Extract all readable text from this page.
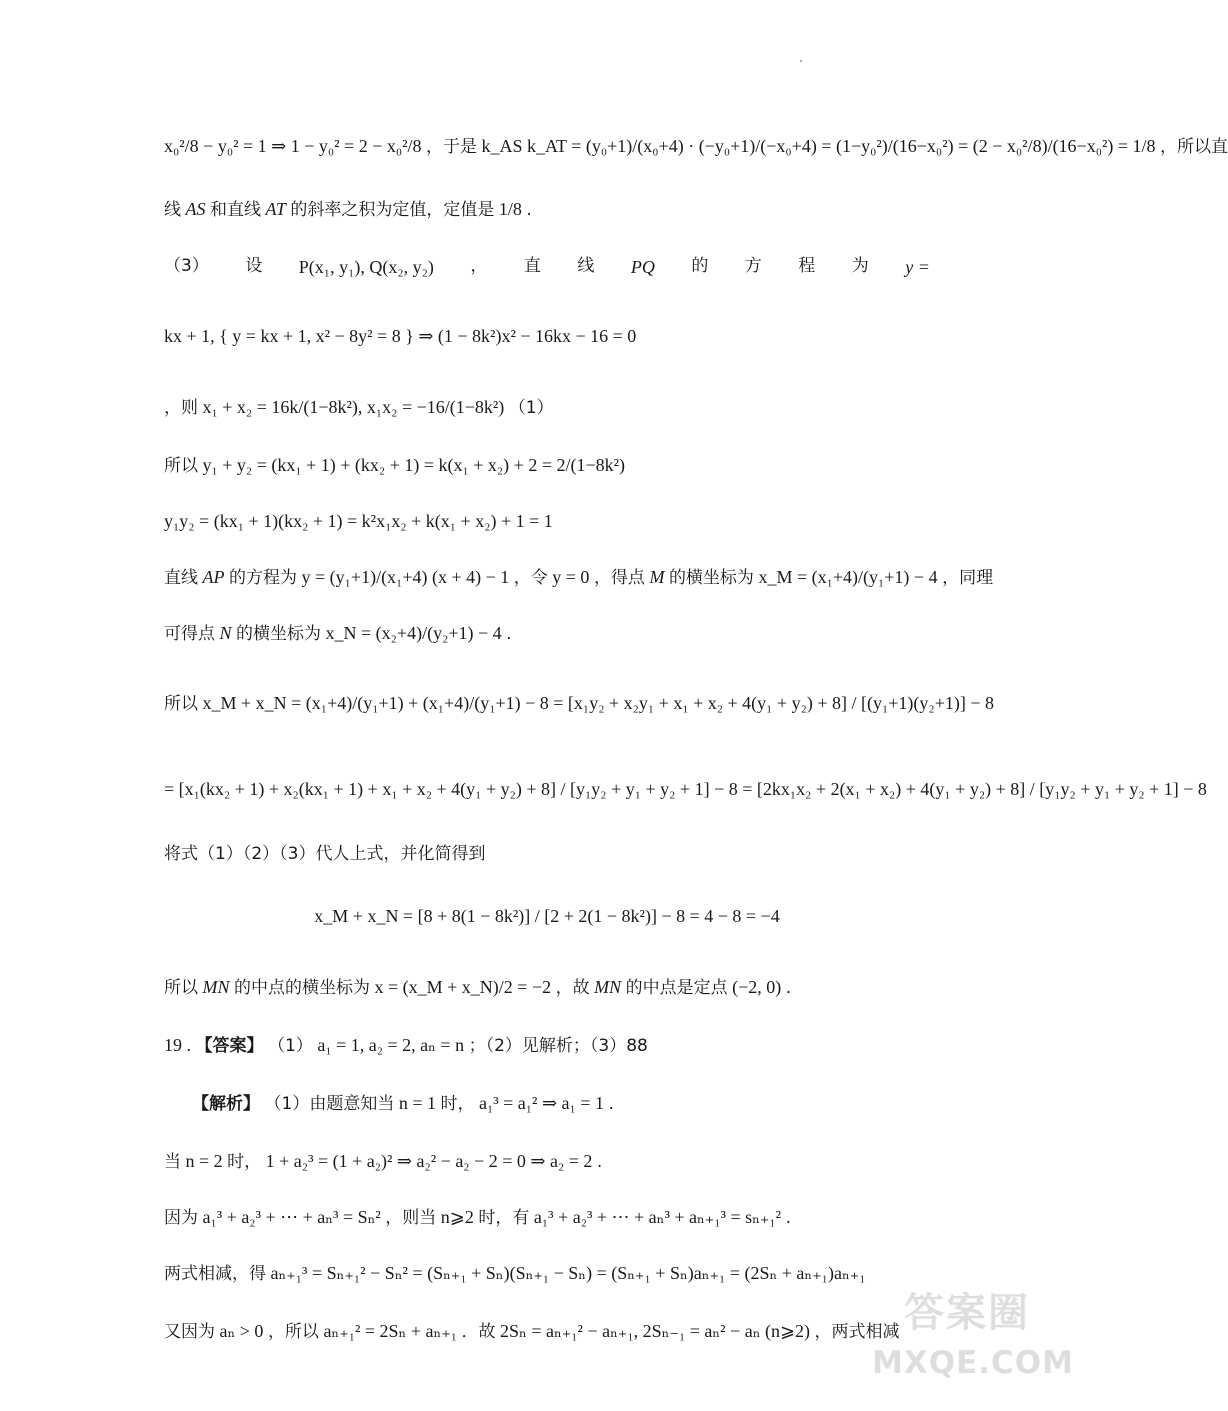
x₀²/8 − y₀² = 1 ⇒ 1 − y₀² = 2 − x₀²/8 ，于是 k_AS k_AT = (y₀+1)/(x₀+4) · (−y₀+1)/(−x₀+4) = (1−y₀²)/(16−x₀²) = (2 − x₀²/8)/(16−x₀²) = 1/8 ，所以直
线 AS 和直线 AT 的斜率之积为定值，定值是 1/8 .
（3） 设 P(x₁, y₁), Q(x₂, y₂) ， 直 线 PQ 的 方 程 为 y =
kx + 1, { y = kx + 1, x² − 8y² = 8 } ⇒ (1 − 8k²)x² − 16kx − 16 = 0
，则 x₁ + x₂ = 16k/(1−8k²), x₁x₂ = −16/(1−8k²) （1）
所以 y₁ + y₂ = (kx₁ + 1) + (kx₂ + 1) = k(x₁ + x₂) + 2 = 2/(1−8k²)
y₁y₂ = (kx₁ + 1)(kx₂ + 1) = k²x₁x₂ + k(x₁ + x₂) + 1 = 1
直线 AP 的方程为 y = (y₁+1)/(x₁+4) (x + 4) − 1 ，令 y = 0 ，得点 M 的横坐标为 x_M = (x₁+4)/(y₁+1) − 4 ，同理
可得点 N 的横坐标为 x_N = (x₂+4)/(y₂+1) − 4 .
所以 x_M + x_N = (x₁+4)/(y₁+1) + (x₁+4)/(y₁+1) − 8 = [x₁y₂ + x₂y₁ + x₁ + x₂ + 4(y₁ + y₂) + 8] / [(y₁+1)(y₂+1)] − 8
= [x₁(kx₂ + 1) + x₂(kx₁ + 1) + x₁ + x₂ + 4(y₁ + y₂) + 8] / [y₁y₂ + y₁ + y₂ + 1] − 8 = [2kx₁x₂ + 2(x₁ + x₂) + 4(y₁ + y₂) + 8] / [y₁y₂ + y₁ + y₂ + 1] − 8
将式（1）（2）（3）代人上式，并化简得到
x_M + x_N = [8 + 8(1 − 8k²)] / [2 + 2(1 − 8k²)] − 8 = 4 − 8 = −4
所以 MN 的中点的横坐标为 x = (x_M + x_N)/2 = −2 ，故 MN 的中点是定点 (−2, 0) .
19 . 【答案】 （1） a₁ = 1, a₂ = 2, aₙ = n ；（2）见解析；（3）88
【解析】 （1）由题意知当 n = 1 时， a₁³ = a₁² ⇒ a₁ = 1 .
当 n = 2 时， 1 + a₂³ = (1 + a₂)² ⇒ a₂² − a₂ − 2 = 0 ⇒ a₂ = 2 .
因为 a₁³ + a₂³ + ⋯ + aₙ³ = Sₙ² ，则当 n⩾2 时，有 a₁³ + a₂³ + ⋯ + aₙ³ + aₙ₊₁³ = sₙ₊₁² .
两式相减，得 aₙ₊₁³ = Sₙ₊₁² − Sₙ² = (Sₙ₊₁ + Sₙ)(Sₙ₊₁ − Sₙ) = (Sₙ₊₁ + Sₙ)aₙ₊₁ = (2Sₙ + aₙ₊₁)aₙ₊₁
又因为 aₙ > 0 ，所以 aₙ₊₁² = 2Sₙ + aₙ₊₁ ．故 2Sₙ = aₙ₊₁² − aₙ₊₁, 2Sₙ₋₁ = aₙ² − aₙ (n⩾2) ，两式相减 答案圈
MXQE.COM
